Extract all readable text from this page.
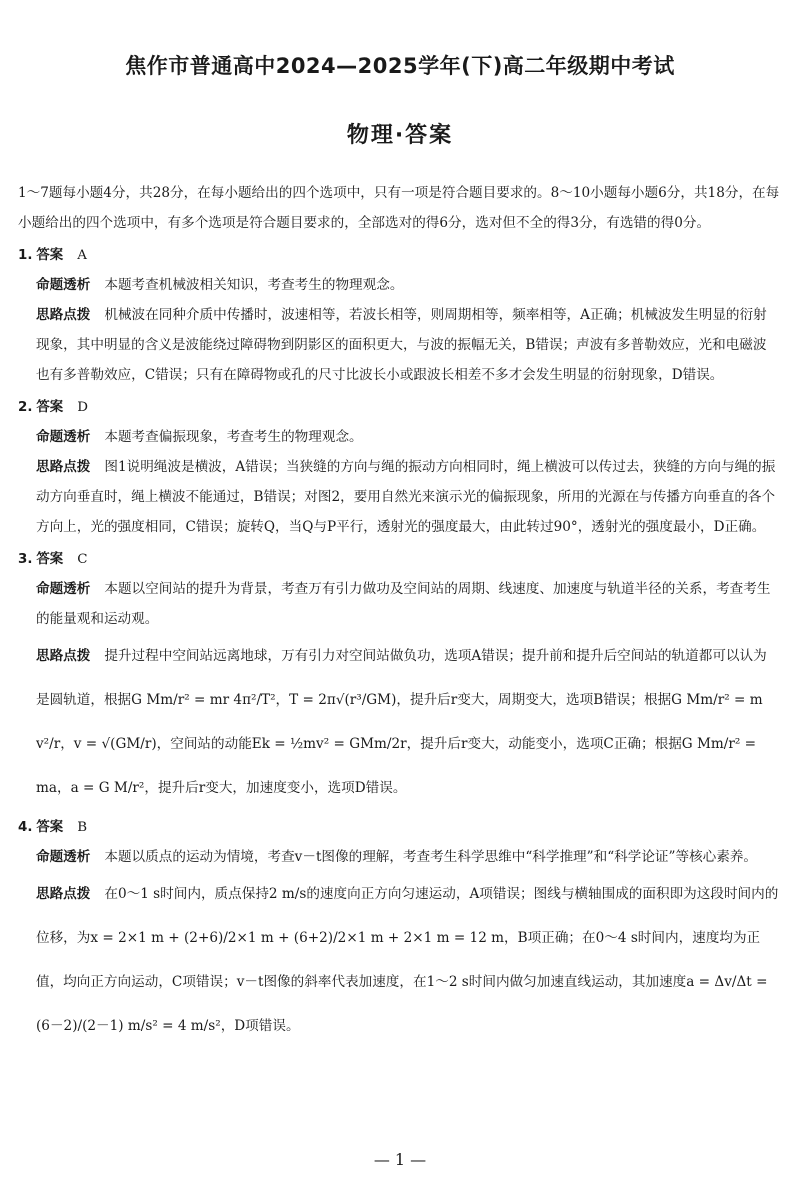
焦作市普通高中2024—2025学年(下)高二年级期中考试
物理·答案

1～7题每小题4分，共28分，在每小题给出的四个选项中，只有一项是符合题目要求的。8～10小题每小题6分，共18分，在每小题给出的四个选项中，有多个选项是符合题目要求的，全部选对的得6分，选对但不全的得3分，有选错的得0分。

1. 答案 A
命题透析 本题考查机械波相关知识，考查考生的物理观念。
思路点拨 机械波在同种介质中传播时，波速相等，若波长相等，则周期相等，频率相等，A正确；机械波发生明显的衍射现象，其中明显的含义是波能绕过障碍物到阴影区的面积更大，与波的振幅无关，B错误；声波有多普勒效应，光和电磁波也有多普勒效应，C错误；只有在障碍物或孔的尺寸比波长小或跟波长相差不多才会发生明显的衍射现象，D错误。
2. 答案 D
命题透析 本题考查偏振现象，考查考生的物理观念。
思路点拨 图1说明绳波是横波，A错误；当狭缝的方向与绳的振动方向相同时，绳上横波可以传过去，狭缝的方向与绳的振动方向垂直时，绳上横波不能通过，B错误；对图2，要用自然光来演示光的偏振现象，所用的光源在与传播方向垂直的各个方向上，光的强度相同，C错误；旋转Q，当Q与P平行，透射光的强度最大，由此转过90°，透射光的强度最小，D正确。
3. 答案 C
命题透析 本题以空间站的提升为背景，考查万有引力做功及空间站的周期、线速度、加速度与轨道半径的关系，考查考生的能量观和运动观。
思路点拨 提升过程中空间站远离地球，万有引力对空间站做负功，选项A错误；提升前和提升后空间站的轨道都可以认为是圆轨道，根据G Mm/r² = mr 4π²/T²，T = 2π√(r³/GM)，提升后r变大，周期变大，选项B错误；根据G Mm/r² = m v²/r，v = √(GM/r)，空间站的动能Ek = ½mv² = GMm/2r，提升后r变大，动能变小，选项C正确；根据G Mm/r² = ma，a = G M/r²，提升后r变大，加速度变小，选项D错误。
4. 答案 B
命题透析 本题以质点的运动为情境，考查v－t图像的理解，考查考生科学思维中“科学推理”和“科学论证”等核心素养。
思路点拨 在0～1 s时间内，质点保持2 m/s的速度向正方向匀速运动，A项错误；图线与横轴围成的面积即为这段时间内的位移，为x = 2×1 m + (2+6)/2×1 m + (6+2)/2×1 m + 2×1 m = 12 m，B项正确；在0～4 s时间内，速度均为正值，均向正方向运动，C项错误；v－t图像的斜率代表加速度，在1～2 s时间内做匀加速直线运动，其加速度a = Δv/Δt = (6－2)/(2－1) m/s² = 4 m/s²，D项错误。
— 1 —
